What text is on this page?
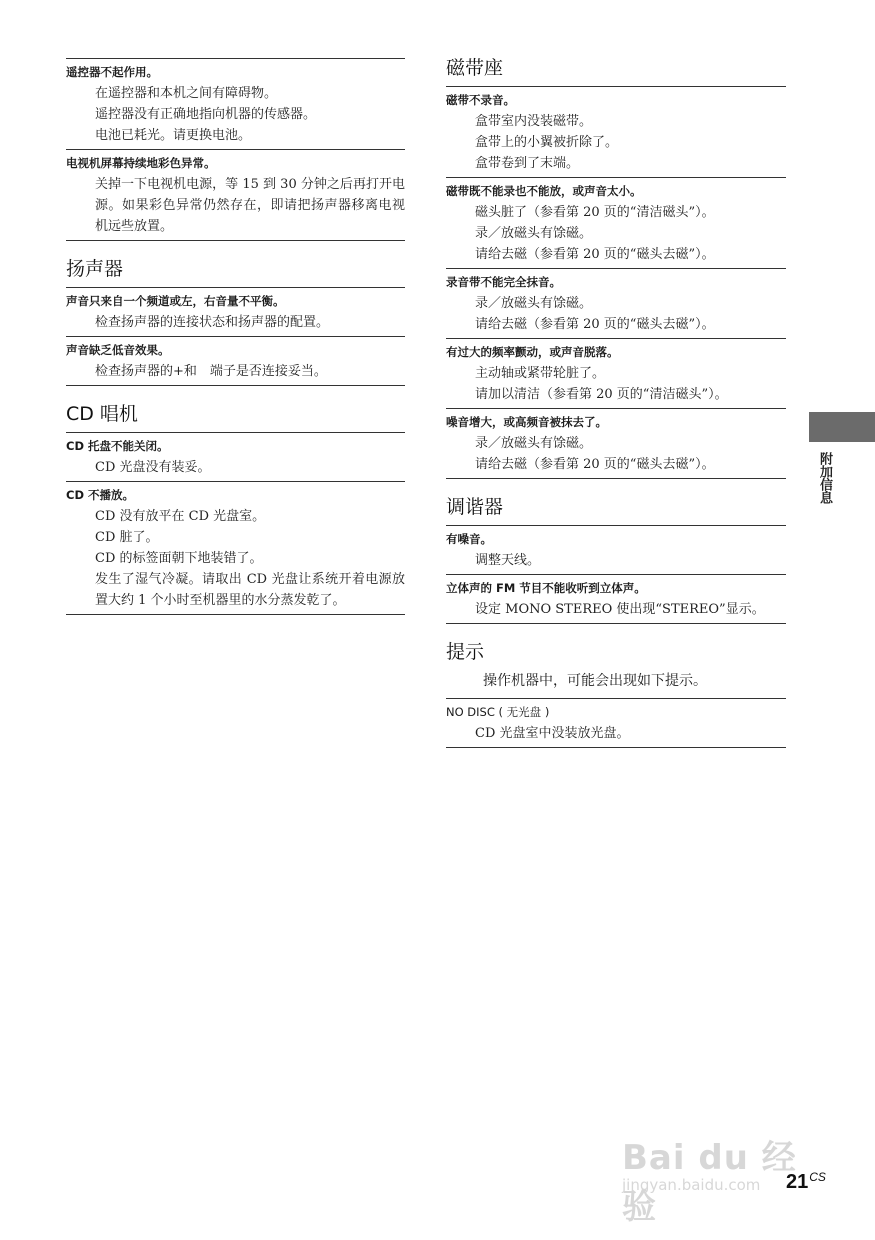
遥控器不起作用。

在遥控器和本机之间有障碍物。

遥控器没有正确地指向机器的传感器。

电池已耗光。请更换电池。

电视机屏幕持续地彩色异常。

关掉一下电视机电源，等 15 到 30 分钟之后再打开电源。如果彩色异常仍然存在，即请把扬声器移离电视机远些放置。

扬声器

声音只来自一个频道或左，右音量不平衡。

检查扬声器的连接状态和扬声器的配置。

声音缺乏低音效果。

检查扬声器的+和　端子是否连接妥当。

CD 唱机

CD 托盘不能关闭。

CD 光盘没有装妥。

CD 不播放。

CD 没有放平在 CD 光盘室。

CD 脏了。

CD 的标签面朝下地装错了。

发生了湿气冷凝。请取出 CD 光盘让系统开着电源放置大约 1 个小时至机器里的水分蒸发乾了。

磁带座

磁带不录音。

盒带室内没装磁带。

盒带上的小翼被折除了。

盒带卷到了末端。

磁带既不能录也不能放，或声音太小。

磁头脏了（参看第 20 页的“清洁磁头”）。

录／放磁头有馀磁。

请给去磁（参看第 20 页的“磁头去磁”）。

录音带不能完全抹音。

录／放磁头有馀磁。

请给去磁（参看第 20 页的“磁头去磁”）。

有过大的频率颤动，或声音脱落。

主动轴或紧带轮脏了。

请加以清洁（参看第 20 页的“清洁磁头”）。

噪音增大，或高频音被抹去了。

录／放磁头有馀磁。

请给去磁（参看第 20 页的“磁头去磁”）。

调谐器

有噪音。

调整天线。

立体声的 FM 节目不能收听到立体声。

设定 MONO STEREO 使出现“STEREO”显示。

提示

操作机器中，可能会出现如下提示。

NO DISC ( 无光盘 )

CD 光盘室中没装放光盘。

附加信息
Bai du 经验
jingyan.baidu.com $21^{CS}$
